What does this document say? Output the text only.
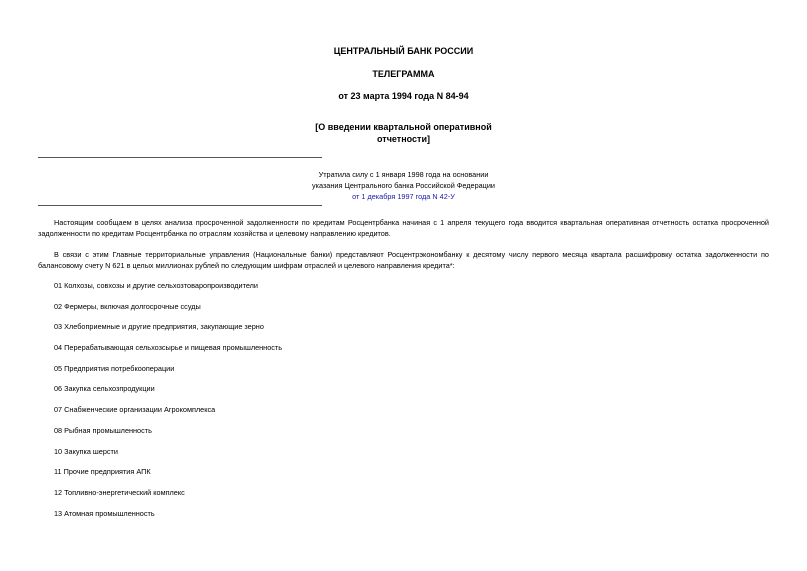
ЦЕНТРАЛЬНЫЙ БАНК РОССИИ
ТЕЛЕГРАММА
от 23 марта 1994 года N 84-94
[О введении квартальной оперативной
отчетности]
Утратила силу с 1 января 1998 года на основании
указания Центрального банка Российской Федерации
от 1 декабря 1997 года N 42-У
Настоящим сообщаем в целях анализа просроченной задолженности по кредитам Росцентрбанка начиная с 1 апреля текущего года вводится квартальная оперативная отчетность остатка просроченной задолженности по кредитам Росцентрбанка по отраслям хозяйства и целевому направлению кредитов.
В связи с этим Главные территориальные управления (Национальные банки) представляют Росцентрэкономбанку к десятому числу первого месяца квартала расшифровку остатка задолженности по балансовому счету N 621 в целых миллионах рублей по следующим шифрам отраслей и целевого направления кредита*:
01 Колхозы, совхозы и другие сельхозтоваропроизводители
02 Фермеры, включая долгосрочные ссуды
03 Хлебоприемные и другие предприятия, закупающие зерно
04 Перерабатывающая сельхозсырье и пищевая промышленность
05 Предприятия потребкооперации
06 Закупка сельхозпродукции
07 Снабженческие организации Агрокомплекса
08 Рыбная промышленность
10 Закупка шерсти
11 Прочие предприятия АПК
12 Топливно-энергетический комплекс
13 Атомная промышленность
